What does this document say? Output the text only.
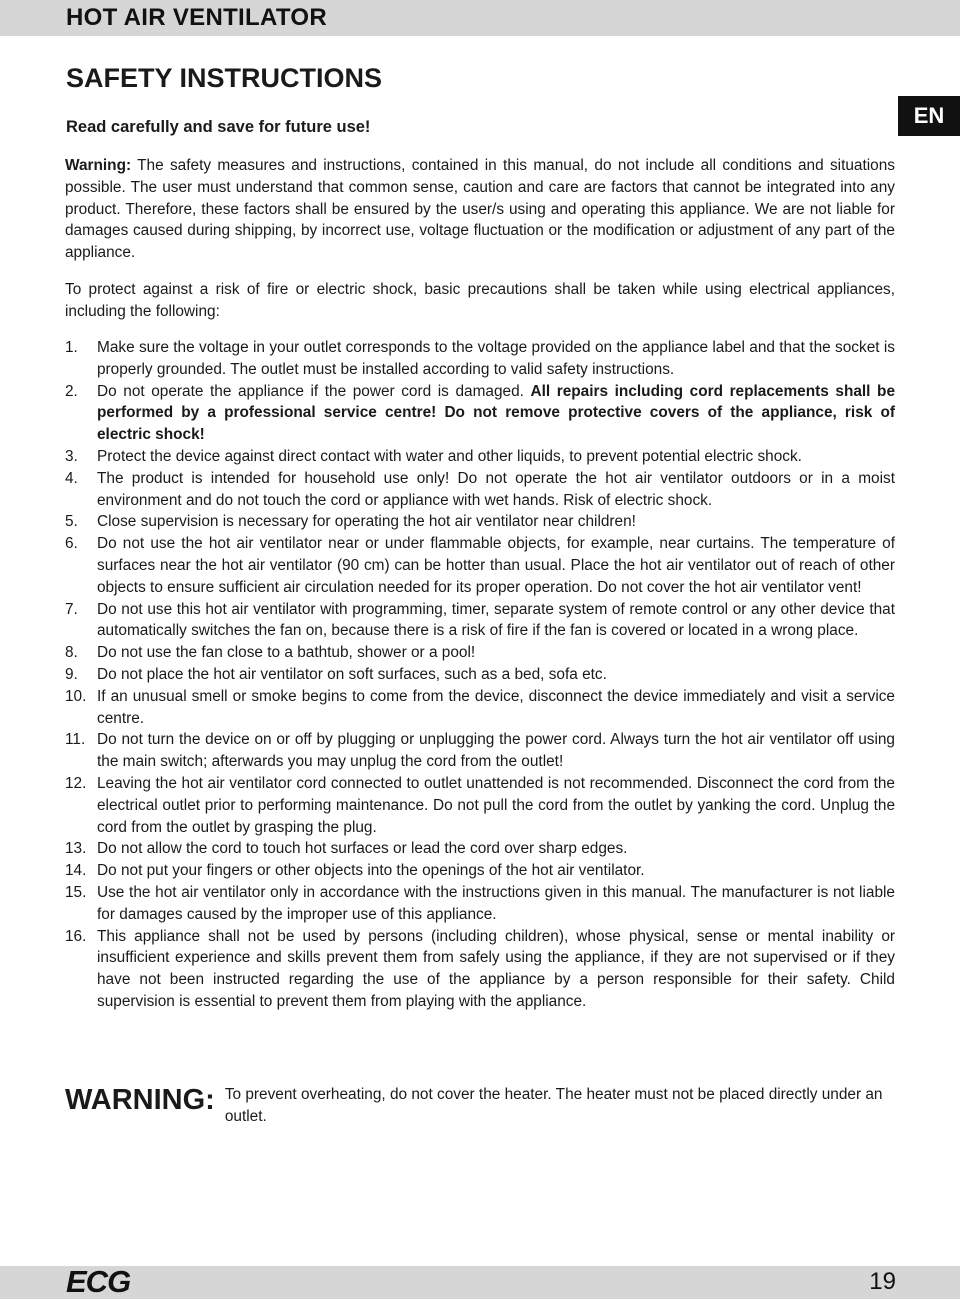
HOT AIR VENTILATOR
EN
SAFETY INSTRUCTIONS
Read carefully and save for future use!
Warning: The safety measures and instructions, contained in this manual, do not include all conditions and situations possible. The user must understand that common sense, caution and care are factors that cannot be integrated into any product. Therefore, these factors shall be ensured by the user/s using and operating this appliance. We are not liable for damages caused during shipping, by incorrect use, voltage fluctuation or the modification or adjustment of any part of the appliance.
To protect against a risk of fire or electric shock, basic precautions shall be taken while using electrical appliances, including the following:
1.	Make sure the voltage in your outlet corresponds to the voltage provided on the appliance label and that the socket is properly grounded. The outlet must be installed according to valid safety instructions.
2.	Do not operate the appliance if the power cord is damaged. All repairs including cord replacements shall be performed by a professional service centre! Do not remove protective covers of the appliance, risk of electric shock!
3.	Protect the device against direct contact with water and other liquids, to prevent potential electric shock.
4.	The product is intended for household use only! Do not operate the hot air ventilator outdoors or in a moist environment and do not touch the cord or appliance with wet hands. Risk of electric shock.
5.	Close supervision is necessary for operating the hot air ventilator near children!
6.	Do not use the hot air ventilator near or under flammable objects, for example, near curtains. The temperature of surfaces near the hot air ventilator (90 cm) can be hotter than usual. Place the hot air ventilator out of reach of other objects to ensure sufficient air circulation needed for its proper operation. Do not cover the hot air ventilator vent!
7.	Do not use this hot air ventilator with programming, timer, separate system of remote control or any other device that automatically switches the fan on, because there is a risk of fire if the fan is covered or located in a wrong place.
8.	Do not use the fan close to a bathtub, shower or a pool!
9.	Do not place the hot air ventilator on soft surfaces, such as a bed, sofa etc.
10. If an unusual smell or smoke begins to come from the device, disconnect the device immediately and visit a service centre.
11. Do not turn the device on or off by plugging or unplugging the power cord. Always turn the hot air ventilator off using the main switch; afterwards you may unplug the cord from the outlet!
12. Leaving the hot air ventilator cord connected to outlet unattended is not recommended. Disconnect the cord from the electrical outlet prior to performing maintenance. Do not pull the cord from the outlet by yanking the cord. Unplug the cord from the outlet by grasping the plug.
13. Do not allow the cord to touch hot surfaces or lead the cord over sharp edges.
14. Do not put your fingers or other objects into the openings of the hot air ventilator.
15. Use the hot air ventilator only in accordance with the instructions given in this manual. The manufacturer is not liable for damages caused by the improper use of this appliance.
16. This appliance shall not be used by persons (including children), whose physical, sense or mental inability or insufficient experience and skills prevent them from safely using the appliance, if they are not supervised or if they have not been instructed regarding the use of the appliance by a person responsible for their safety. Child supervision is essential to prevent them from playing with the appliance.
WARNING: To prevent overheating, do not cover the heater. The heater must not be placed directly under an outlet.
ECG	19
